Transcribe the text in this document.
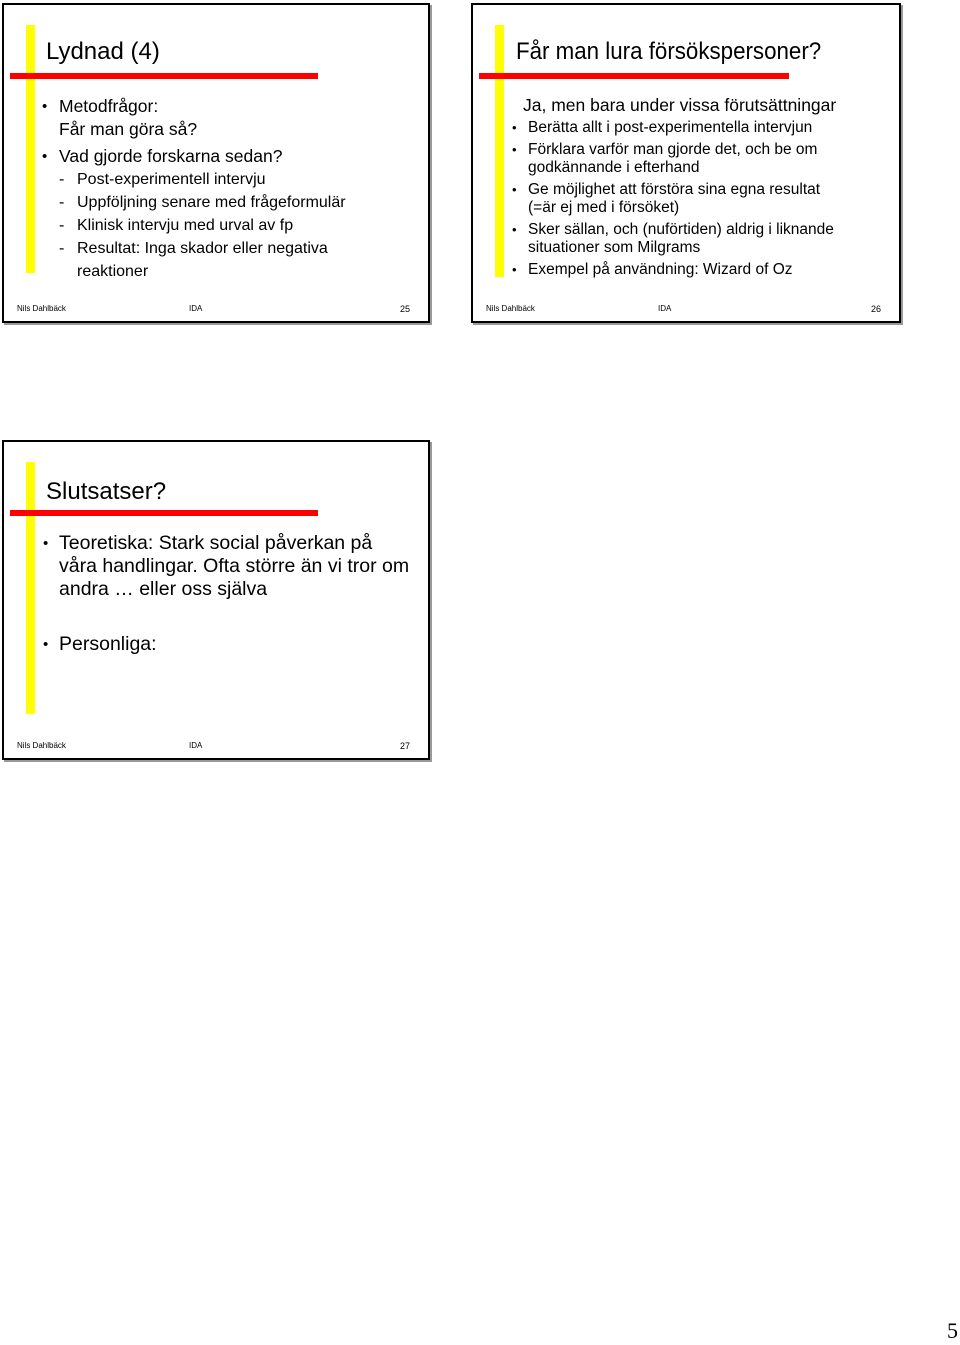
Lydnad (4)
• Metodfrågor:
Får man göra så?
• Vad gjorde forskarna sedan?
- Post-experimentell intervju
- Uppföljning senare med frågeformulär
- Klinisk intervju med urval av fp
- Resultat: Inga skador eller negativa
reaktioner
Nils Dahlbäck	IDA	25
Får man lura försökspersoner?
Ja, men bara under vissa förutsättningar
• Berätta allt i post-experimentella intervjun
• Förklara varför man gjorde det, och be om
godkännande i efterhand
• Ge möjlighet att förstöra sina egna resultat
(=är ej med i försöket)
• Sker sällan, och (nuförtiden) aldrig i liknande
situationer som Milgrams
• Exempel på användning: Wizard of Oz
Nils Dahlbäck	IDA	26
Slutsatser?
• Teoretiska: Stark social påverkan på
våra handlingar. Ofta större än vi tror om
andra … eller oss själva
• Personliga:
Nils Dahlbäck	IDA	27
5
